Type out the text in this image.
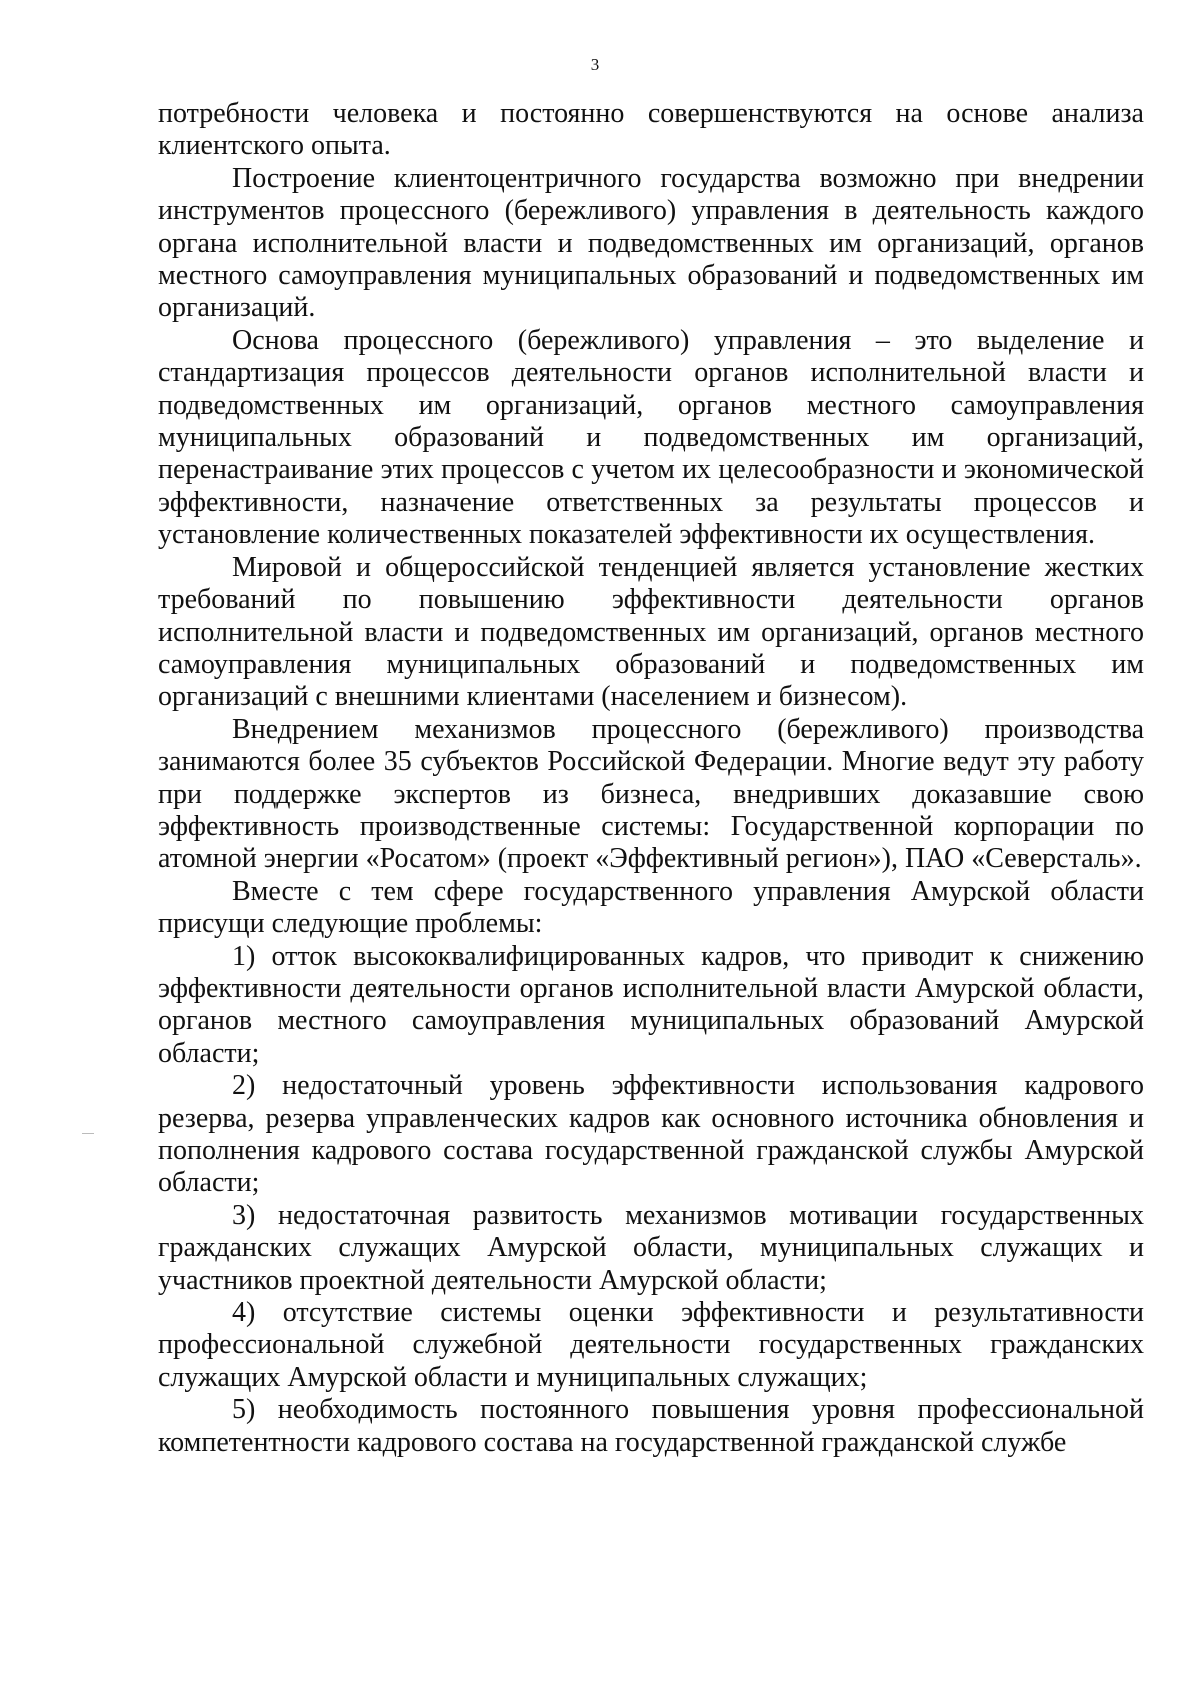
3

потребности человека и постоянно совершенствуются на основе анализа клиентского опыта.

Построение клиентоцентричного государства возможно при внедрении инструментов процессного (бережливого) управления в деятельность каждого органа исполнительной власти и подведомственных им организаций, органов местного самоуправления муниципальных образований и подведомственных им организаций.

Основа процессного (бережливого) управления – это выделение и стандартизация процессов деятельности органов исполнительной власти и подведомственных им организаций, органов местного самоуправления муниципальных образований и подведомственных им организаций, перенастраивание этих процессов с учетом их целесообразности и экономической эффективности, назначение ответственных за результаты процессов и установление количественных показателей эффективности их осуществления.

Мировой и общероссийской тенденцией является установление жестких требований по повышению эффективности деятельности органов исполнительной власти и подведомственных им организаций, органов местного самоуправления муниципальных образований и подведомственных им организаций с внешними клиентами (населением и бизнесом).

Внедрением механизмов процессного (бережливого) производства занимаются более 35 субъектов Российской Федерации. Многие ведут эту работу при поддержке экспертов из бизнеса, внедривших доказавшие свою эффективность производственные системы: Государственной корпорации по атомной энергии «Росатом» (проект «Эффективный регион»), ПАО «Северсталь».

Вместе с тем сфере государственного управления Амурской области присущи следующие проблемы:

1) отток высококвалифицированных кадров, что приводит к снижению эффективности деятельности органов исполнительной власти Амурской области, органов местного самоуправления муниципальных образований Амурской области;

2) недостаточный уровень эффективности использования кадрового резерва, резерва управленческих кадров как основного источника обновления и пополнения кадрового состава государственной гражданской службы Амурской области;

3) недостаточная развитость механизмов мотивации государственных гражданских служащих Амурской области, муниципальных служащих и участников проектной деятельности Амурской области;

4) отсутствие системы оценки эффективности и результативности профессиональной служебной деятельности государственных гражданских служащих Амурской области и муниципальных служащих;

5) необходимость постоянного повышения уровня профессиональной компетентности кадрового состава на государственной гражданской службе
